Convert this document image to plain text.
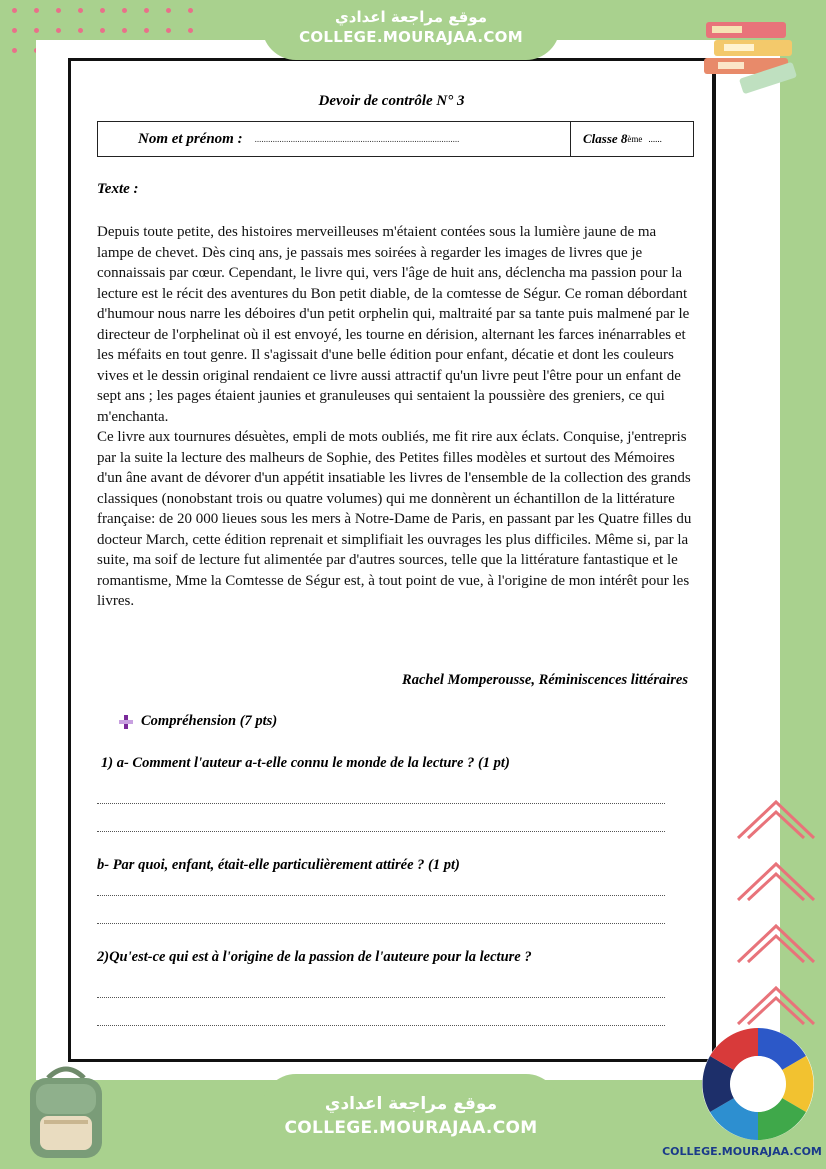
موقع مراجعة اعدادي
COLLEGE.MOURAJAA.COM
Devoir de contrôle N° 3
Nom et prénom : ...........................................................................................	Classe 8 ème ......
Texte :

Depuis toute petite, des histoires merveilleuses m'étaient contées sous la lumière jaune de ma lampe de chevet. Dès cinq ans, je passais mes soirées à regarder les images de livres que je connaissais par cœur. Cependant, le livre qui, vers l'âge de huit ans, déclencha ma passion pour la lecture est le récit des aventures du Bon petit diable, de la comtesse de Ségur. Ce roman débordant d'humour nous narre les déboires d'un petit orphelin qui, maltraité par sa tante puis malmené par le directeur de l'orphelinat où il est envoyé, les tourne en dérision, alternant les farces inénarrables et les méfaits en tout genre. Il s'agissait d'une belle édition pour enfant, décatie et dont les couleurs vives et le dessin original rendaient ce livre aussi attractif qu'un livre peut l'être pour un enfant de sept ans ; les pages étaient jaunies et granuleuses qui sentaient la poussière des greniers, ce qui m'enchanta.

Ce livre aux tournures désuètes, empli de mots oubliés, me fit rire aux éclats. Conquise, j'entrepris par la suite la lecture des malheurs de Sophie, des Petites filles modèles et surtout des Mémoires d'un âne avant de dévorer d'un appétit insatiable les livres de l'ensemble de la collection des grands classiques (nonobstant trois ou quatre volumes) qui me donnèrent un échantillon de la littérature française: de 20 000 lieues sous les mers à Notre-Dame de Paris, en passant par les Quatre filles du docteur March, cette édition reprenait et simplifiait les ouvrages les plus difficiles. Même si, par la suite, ma soif de lecture fut alimentée par d'autres sources, telle que la littérature fantastique et le romantisme, Mme la Comtesse de Ségur est, à tout point de vue, à l'origine de mon intérêt pour les livres.

Rachel Momperousse, Réminiscences littéraires
Compréhension (7 pts)
1) a- Comment l'auteur a-t-elle connu le monde de la lecture ? (1 pt)
b- Par quoi, enfant, était-elle particulièrement attirée ? (1 pt)
2)Qu'est-ce qui est à l'origine de la passion de l'auteure pour la lecture ?
موقع مراجعة اعدادي
COLLEGE.MOURAJAA.COM
COLLEGE.MOURAJAA.COM
